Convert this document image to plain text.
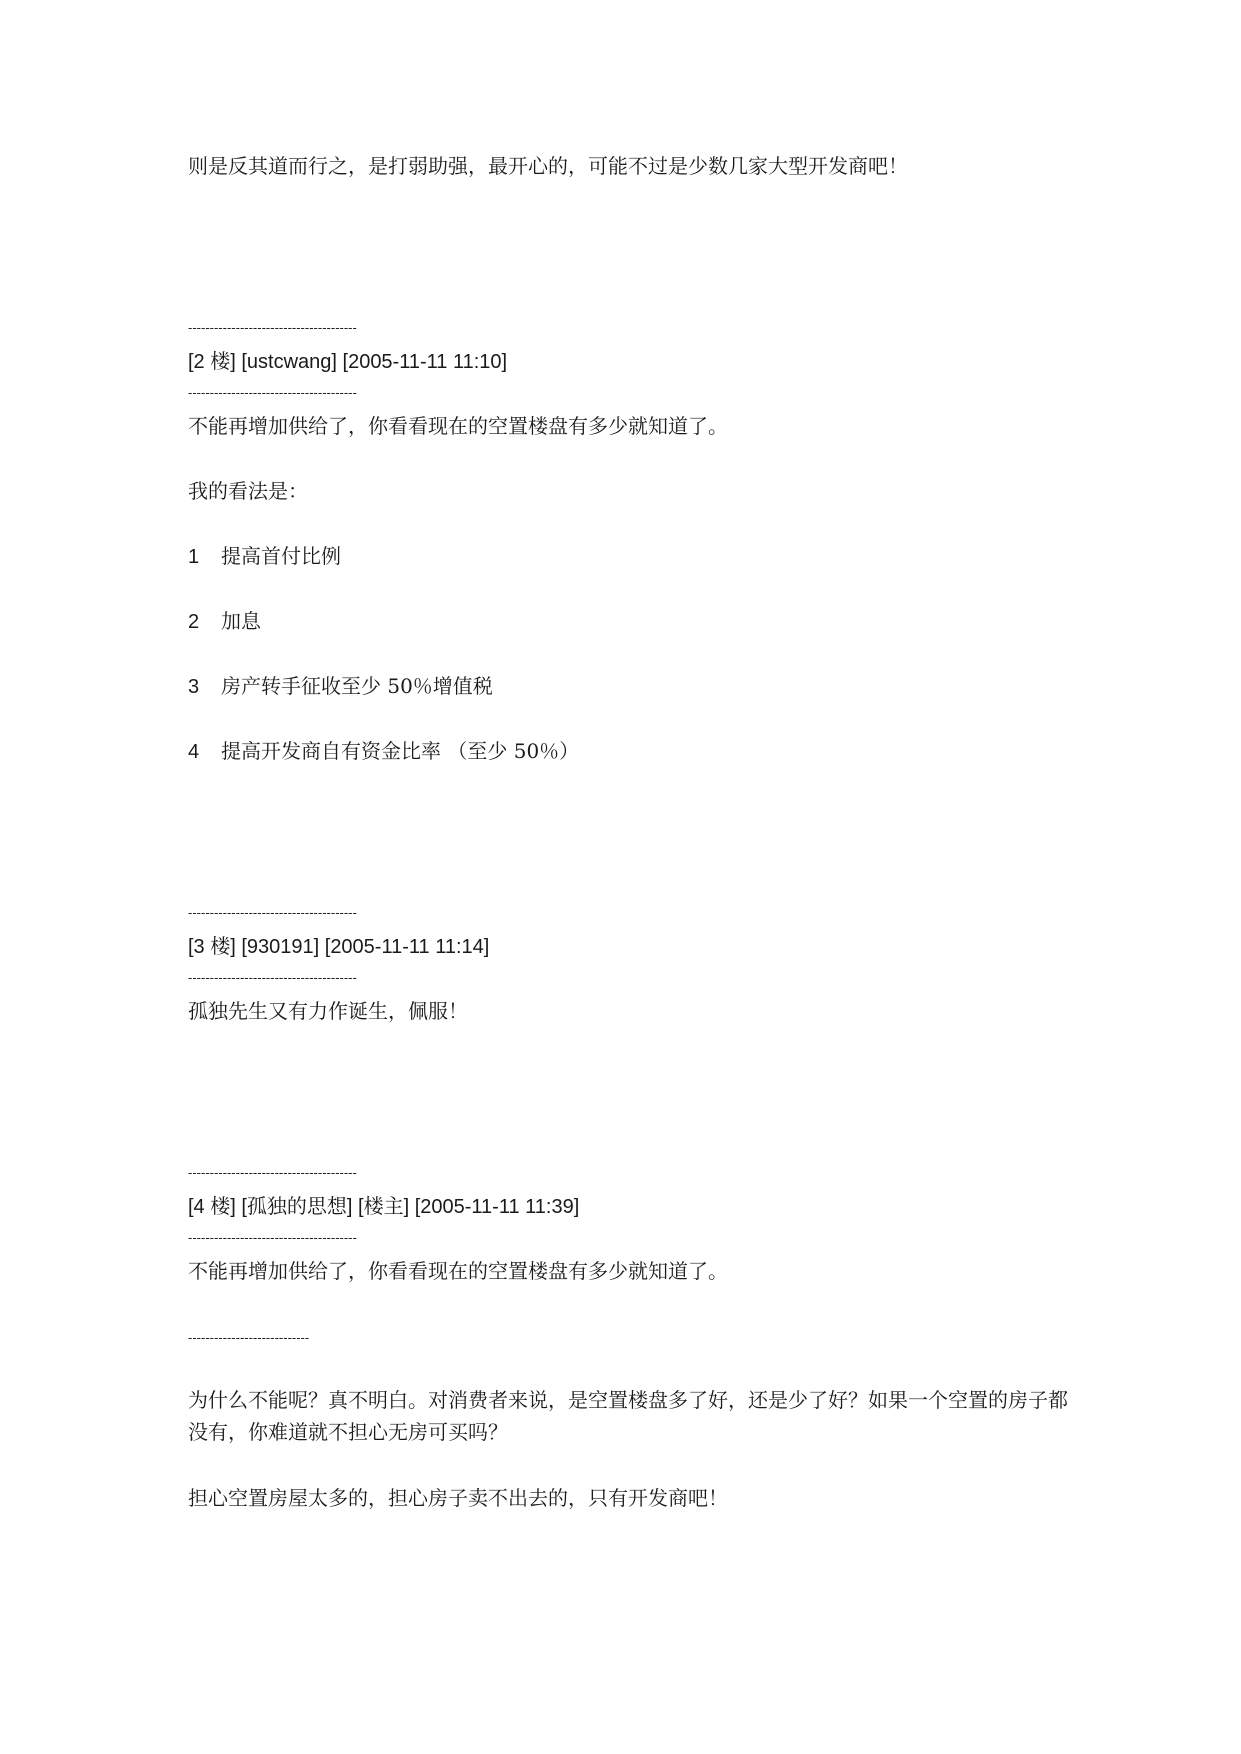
则是反其道而行之，是打弱助强，最开心的，可能不过是少数几家大型开发商吧！
---------------------------------------
[2 楼] [ustcwang] [2005-11-11 11:10]
---------------------------------------
不能再增加供给了，你看看现在的空置楼盘有多少就知道了。
我的看法是：
1 提高首付比例
2 加息
3 房产转手征收至少 50％增值税
4 提高开发商自有资金比率 （至少 50％）
---------------------------------------
[3 楼] [930191] [2005-11-11 11:14]
---------------------------------------
孤独先生又有力作诞生，佩服！
---------------------------------------
[4 楼] [孤独的思想] [楼主] [2005-11-11 11:39]
---------------------------------------
不能再增加供给了，你看看现在的空置楼盘有多少就知道了。
----------------------------
为什么不能呢？真不明白。对消费者来说，是空置楼盘多了好，还是少了好？如果一个空置的房子都没有，你难道就不担心无房可买吗？
担心空置房屋太多的，担心房子卖不出去的，只有开发商吧！
